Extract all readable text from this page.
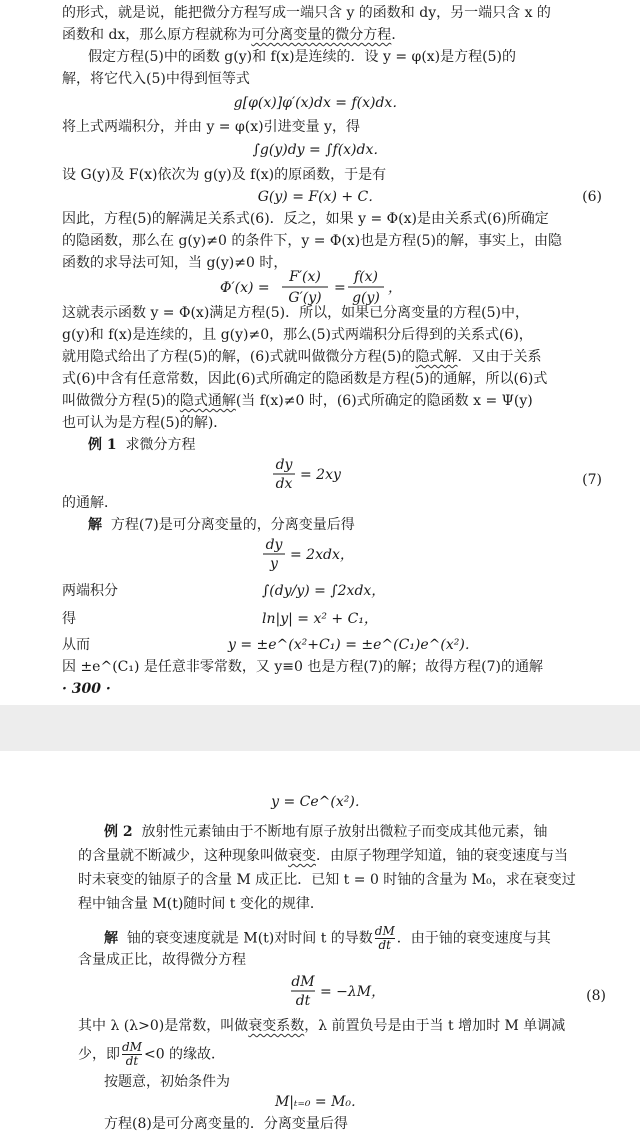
的形式，就是说，能把微分方程写成一端只含 y 的函数和 dy，另一端只含 x 的

函数和 dx，那么原方程就称为可分离变量的微分方程．

假定方程(5)中的函数 g(y)和 f(x)是连续的．设 y = φ(x)是方程(5)的

解，将它代入(5)中得到恒等式

g[φ(x)]φ′(x)dx = f(x)dx．

将上式两端积分，并由 y = φ(x)引进变量 y，得

∫g(y)dy = ∫f(x)dx．

设 G(y)及 F(x)依次为 g(y)及 f(x)的原函数，于是有

G(y) = F(x) + C．	(6)

因此，方程(5)的解满足关系式(6)．反之，如果 y = Φ(x)是由关系式(6)所确定

的隐函数，那么在 g(y)≠0 的条件下，y = Φ(x)也是方程(5)的解，事实上，由隐

函数的求导法可知，当 g(y)≠0 时，

Φ′(x) =
F′(x)
G′(y)
=
f(x)
g(y)
，

这就表示函数 y = Φ(x)满足方程(5)．所以，如果已分离变量的方程(5)中，

g(y)和 f(x)是连续的，且 g(y)≠0，那么(5)式两端积分后得到的关系式(6)，

就用隐式给出了方程(5)的解，(6)式就叫做微分方程(5)的隐式解．又由于关系

式(6)中含有任意常数，因此(6)式所确定的隐函数是方程(5)的通解，所以(6)式

叫做微分方程(5)的隐式通解(当 f(x)≠0 时，(6)式所确定的隐函数 x = Ψ(y)

也可认为是方程(5)的解)．

例 1 求微分方程

dy
dx
= 2xy	(7)

的通解．

解 方程(7)是可分离变量的，分离变量后得

dy
y
= 2xdx，

两端积分	∫(dy/y) = ∫2xdx，

得	ln|y| = x² + C₁，

从而	y = ±e^(x²+C₁) = ±e^(C₁)e^(x²)．

因 ±e^(C₁) 是任意非零常数，又 y≡0 也是方程(7)的解；故得方程(7)的通解

· 300 ·

y = Ce^(x²)．

例 2 放射性元素铀由于不断地有原子放射出微粒子而变成其他元素，铀

的含量就不断减少，这种现象叫做衰变．由原子物理学知道，铀的衰变速度与当

时未衰变的铀原子的含量 M 成正比．已知 t = 0 时铀的含量为 M₀，求在衰变过

程中铀含量 M(t)随时间 t 变化的规律．

解 铀的衰变速度就是 M(t)对时间 t 的导数 $\frac{dM}{dt}$ ．由于铀的衰变速度与其

含量成正比，故得微分方程

dM
dt
= −λM，	(8)

其中 λ (λ>0)是常数，叫做衰变系数，λ 前置负号是由于当 t 增加时 M 单调减

少，即 $\frac{dM}{dt} <0$ 的缘故．

按题意，初始条件为

M|ₜ₌₀ = M₀．

方程(8)是可分离变量的．分离变量后得
